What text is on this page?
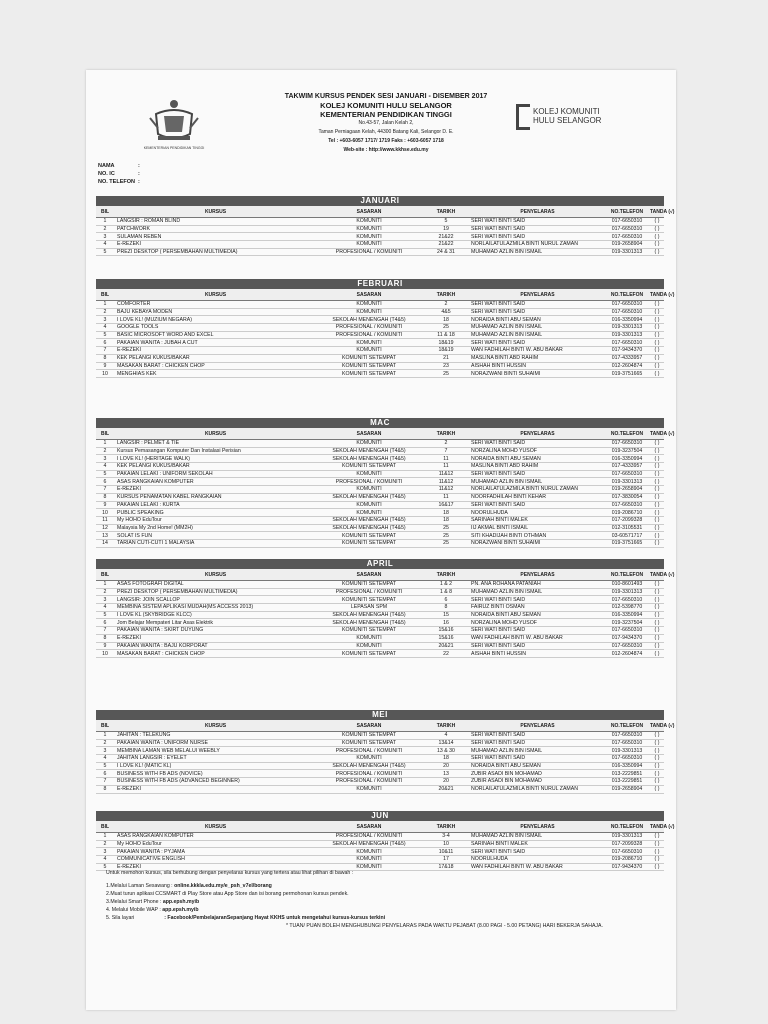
KEMENTERIAN PENDIDIKAN TINGGI
TAKWIM KURSUS PENDEK SESI JANUARI - DISEMBER 2017
KOLEJ KOMUNITI HULU SELANGOR
KEMENTERIAN PENDIDIKAN TINGGI
No.43-57, Jalan Kelah 2,
Taman Perniagaan Kelah, 44300 Batang Kali, Selangor D. E.
Tel : +603-6057 1717/ 1719 Faks : +603-6057 1718
Web-site : http://www.kkhse.edu.my
KOLEJ KOMUNITI
HULU SELANGOR
NAMA	:
NO. IC	:
NO. TELEFON :
JANUARI
BIL	KURSUS	SASARAN	TARIKH	PENYELARAS	NO.TELEFON	TANDA (√)
1	LANGSIR : ROMAN BLIND	KOMUNITI	5	SERI WATI BINTI SAID	017-6650310	( )
2	PATCHWORK	KOMUNITI	19	SERI WATI BINTI SAID	017-6650310	( )
3	SULAMAN REBEN	KOMUNITI	21&22	SERI WATI BINTI SAID	017-6650310	( )
4	E-REZEKI	KOMUNITI	21&22	NORLAILATULAZMILA BINTI NURUL ZAMAN	019-2658904	( )
5	PREZI DESKTOP ( PERSEMBAHAN MULTIMEDIA)	PROFESIONAL / KOMUNITI	24 & 31	MUHAMAD AZLIN BIN ISMAIL	019-3301313	( )
FEBRUARI
BIL	KURSUS	SASARAN	TARIKH	PENYELARAS	NO.TELEFON	TANDA (√)
1	COMFORTER	KOMUNITI	2	SERI WATI BINTI SAID	017-6650310	( )
2	BAJU KEBAYA MODEN	KOMUNITI	4&5	SERI WATI BINTI SAID	017-6650310	( )
3	I LOVE KL! (MUZIUM NEGARA)	SEKOLAH MENENGAH (T4&5)	18	NORAIDA BINTI ABU SEMAN	016-3350994	( )
4	GOOGLE TOOLS	PROFESIONAL / KOMUNITI	25	MUHAMAD AZLIN BIN ISMAIL	019-3301313	( )
5	BASIC MICROSOFT WORD AND EXCEL	PROFESIONAL / KOMUNITI	11 & 18	MUHAMAD AZLIN BIN ISMAIL	019-3301313	( )
6	PAKAIAN WANITA : JUBAH A CUT	KOMUNITI	18&19	SERI WATI BINTI SAID	017-6650310	( )
7	E-REZEKI	KOMUNITI	18&19	WAN FADHILAH BINTI W. ABU BAKAR	017-9434370	( )
8	KEK PELANGI KUKUS/BAKAR	KOMUNITI SETEMPAT	21	MASLINA BINTI ABD RAHIM	017-4333957	( )
9	MASAKAN BARAT : CHICKEN CHOP	KOMUNITI SETEMPAT	23	AISHAH BINTI HUSSIN	012-2604874	( )
10	MENGHIAS KEK	KOMUNITI SETEMPAT	25	NORAZWANI BINTI SUHAIMI	019-3751665	( )
MAC
BIL	KURSUS	SASARAN	TARIKH	PENYELARAS	NO.TELEFON	TANDA (√)
1	LANGSIR : PELMET & TIE	KOMUNITI	2	SERI WATI BINTI SAID	017-6650310	( )
2	Kursus Pemasangan Komputer Dan Instalasi Perisian	SEKOLAH MENENGAH (T4&5)	7	NORZALINA MOHD YUSOF	019-3237504	( )
3	I LOVE KL! (HERITAGE WALK)	SEKOLAH MENENGAH (T4&5)	11	NORAIDA BINTI ABU SEMAN	016-3350994	( )
4	KEK PELANGI KUKUS/BAKAR	KOMUNITI SETEMPAT	11	MASLINA BINTI ABD RAHIM	017-4333957	( )
5	PAKAIAN LELAKI : UNIFORM SEKOLAH	KOMUNITI	11&12	SERI WATI BINTI SAID	017-6650310	( )
6	ASAS RANGKAIAN KOMPUTER	PROFESIONAL / KOMUNITI	11&12	MUHAMAD AZLIN BIN ISMAIL	019-3301313	( )
7	E-REZEKI	KOMUNITI	11&12	NORLAILATULAZMILA BINTI NURUL ZAMAN	019-2658904	( )
8	KURSUS PENAMATAN KABEL RANGKAIAN	SEKOLAH MENENGAH (T4&5)	11	NOORFADHILAH BINTI KEHAR	017-3830054	( )
9	PAKAIAN LELAKI : KURTA	KOMUNITI	16&17	SERI WATI BINTI SAID	017-6650310	( )
10	PUBLIC SPEAKING	KOMUNITI	18	NOORULHUDA	019-2086710	( )
11	My HOHO EduTour	SEKOLAH MENENGAH (T4&5)	18	SARINAH BINTI MALEK	017-2099328	( )
12	Malaysia My 2nd Home! (MM2H)	SEKOLAH MENENGAH (T4&5)	25	IIJ AKMAL BINTI ISMAIL	012-3105531	( )
13	SOLAT IS FUN	KOMUNITI SETEMPAT	25	SITI KHADIJAH BINTI OTHMAN	03-60571717	( )
14	TARIAN CUTI-CUTI 1 MALAYSIA	KOMUNITI SETEMPAT	25	NORAZWANI BINTI SUHAIMI	019-3751665	( )
APRIL
BIL	KURSUS	SASARAN	TARIKH	PENYELARAS	NO.TELEFON	TANDA (√)
1	ASAS FOTOGRAFI DIGITAL	KOMUNITI SETEMPAT	1 & 2	PN. ANA ROHANA PATANIAH	010-8601493	( )
2	PREZI DESKTOP ( PERSEMBAHAN MULTIMEDIA)	PROFESIONAL / KOMUNITI	1 & 8	MUHAMAD AZLIN BIN ISMAIL	019-3301313	( )
3	LANGSIR: JOIN SCALLOP	KOMUNITI SETEMPAT	6	SERI WATI BINTI SAID	017-6650310	( )
4	MEMBINA SISTEM APLIKASI MUDAH(MS ACCESS 2013)	LEPASAN SPM	8	FAIRUZ BINTI OSMAN	012-5398770	( )
5	I LOVE KL (SKYBRIDGE KLCC)	SEKOLAH MENENGAH (T4&5)	15	NORAIDA BINTI ABU SEMAN	016-3350994	( )
6	Jom Belajar Mempateri Litar Asas Elektrik	SEKOLAH MENENGAH (T4&5)	16	NORZALINA MOHD YUSOF	019-3237504	( )
7	PAKAIAN WANITA : SKIRT DUYUNG	KOMUNITI SETEMPAT	15&16	SERI WATI BINTI SAID	017-6650310	( )
8	E-REZEKI	KOMUNITI	15&16	WAN FADHILAH BINTI W. ABU BAKAR	017-9434370	( )
9	PAKAIAN WANITA : BAJU KORPORAT	KOMUNITI	20&21	SERI WATI BINTI SAID	017-6650310	( )
10	MASAKAN BARAT : CHICKEN CHOP	KOMUNITI SETEMPAT	22	AISHAH BINTI HUSSIN	012-2604874	( )
MEI
BIL	KURSUS	SASARAN	TARIKH	PENYELARAS	NO.TELEFON	TANDA (√)
1	JAHITAN : TELEKUNG	KOMUNITI SETEMPAT	4	SERI WATI BINTI SAID	017-6650310	( )
2	PAKAIAN WANITA : UNIFORM NURSE	KOMUNITI SETEMPAT	13&14	SERI WATI BINTI SAID	017-6650310	( )
3	MEMBINA LAMAN WEB MELALUI WEEBLY	PROFESIONAL / KOMUNITI	13 & 30	MUHAMAD AZLIN BIN ISMAIL	019-3301313	( )
4	JAHITAN LANGSIR : EYELET	KOMUNITI	18	SERI WATI BINTI SAID	017-6650310	( )
5	I LOVE KL! (MATIC KL)	SEKOLAH MENENGAH (T4&5)	20	NORAIDA BINTI ABU SEMAN	016-3350994	( )
6	BUSINESS WITH FB ADS (NOVICE)	PROFESIONAL / KOMUNITI	13	ZUBIR ASADI BIN MOHAMAD	013-2229851	( )
7	BUSINESS WITH FB ADS (ADVANCED BEGINNER)	PROFESIONAL / KOMUNITI	20	ZUBIR ASADI BIN MOHAMAD	013-2229851	( )
8	E-REZEKI	KOMUNITI	20&21	NORLAILATULAZMILA BINTI NURUL ZAMAN	019-2658904	( )
JUN
BIL	KURSUS	SASARAN	TARIKH	PENYELARAS	NO.TELEFON	TANDA (√)
1	ASAS RANGKAIAN KOMPUTER	PROFESIONAL / KOMUNITI	3-4	MUHAMAD AZLIN BIN ISMAIL	019-3301313	( )
2	My HOHO EduTour	SEKOLAH MENENGAH (T4&5)	10	SARINAH BINTI MALEK	017-2099328	( )
3	PAKAIAN WANITA : PYJAMA	KOMUNITI	10&11	SERI WATI BINTI SAID	017-6650310	( )
4	COMMUNICATIVE ENGLISH	KOMUNITI	17	NOORULHUDA	019-2086710	( )
5	E-REZEKI	KOMUNITI	17&18	WAN FADHILAH BINTI W. ABU BAKAR	017-9434370	( )
Untuk memohon kursus, sila berhubung dengan penyelaras kursus yang tertera atau lihat pilihan di bawah :
1.Melalui Laman Sesawang : online.kkkla.edu.my/e_psh_v7el/borang
2.Muat turun aplikasi CCSMART di Play Store atau App Store dan isi borang permohonan kursus pendek.
3.Melalui Smart Phone : app.epsh.myib
4. Melalui Mobile WAP : app.epsh.myib
5. Sila layari	: Facebook/PembelajaranSepanjang Hayat KKHS untuk mengetahui kursus-kursus terkini
* TUAN/ PUAN BOLEH MENGHUBUNGI PENYELARAS PADA WAKTU PEJABAT (8.00 PAGI - 5.00 PETANG) HARI BEKERJA SAHAJA.
